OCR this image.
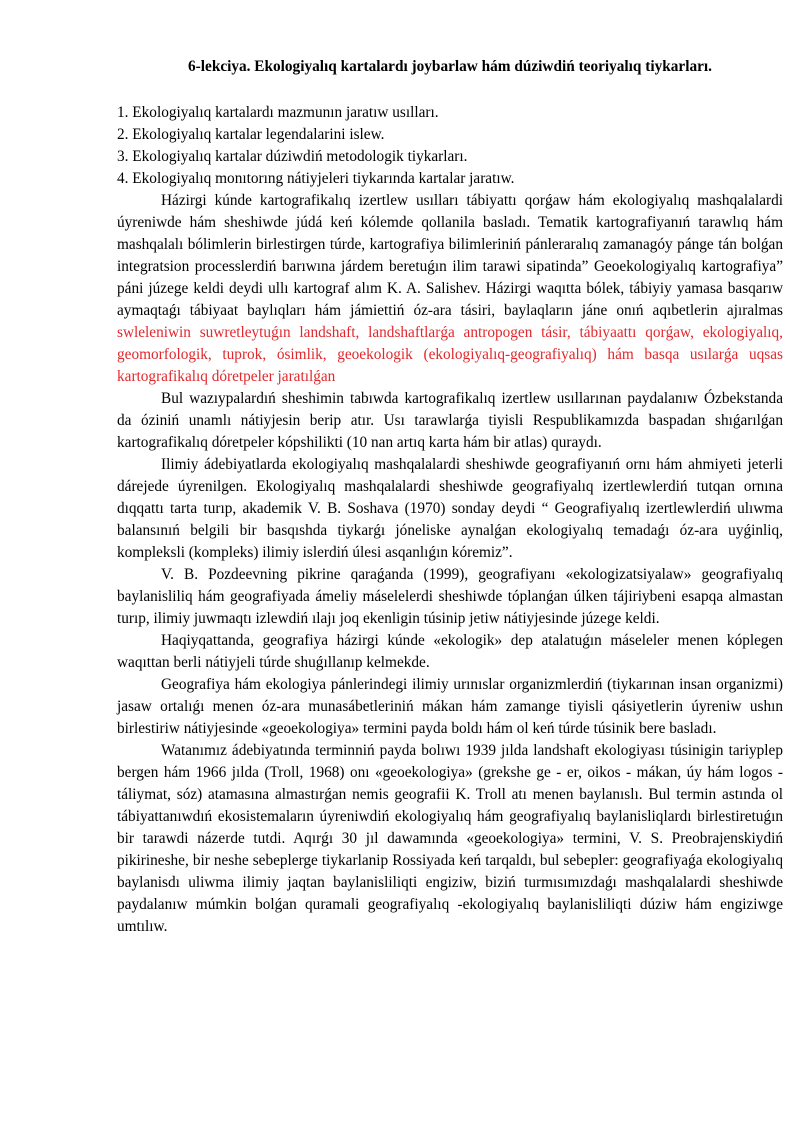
6-lekciya. Ekologiyalıq kartalardı joybarlaw hám dúziwdiń teoriyalıq tiykarları.
1. Ekologiyalıq kartalardı mazmunın jaratıw usılları.
2. Ekologiyalıq kartalar legendalarini islew.
3. Ekologiyalıq kartalar dúziwdiń metodologik tiykarları.
4. Ekologiyalıq monıtorıng nátiyjeleri tiykarında kartalar jaratıw.

Házirgi kúnde kartografikalıq izertlew usılları tábiyattı qorǵaw hám ekologiyalıq mashqalalardi úyreniwde hám sheshiwde júdá keń kólemde qollanila basladı. Tematik kartografiyanıń tarawlıq hám mashqalalı bólimlerin birlestirgen túrde, kartografiya bilimleriniń pánleraralıq zamanagóy pánge tán bolǵan integratsion processlerdiń barıwına járdem beretuǵın ilim tarawi sipatinda” Geoekologiyalıq kartografiya” páni júzege keldi deydi ullı kartograf alım K. A. Salishev. Házirgi waqıtta bólek, tábiyiy yamasa basqarıw aymaqtaǵı tábiyaat baylıqları hám jámiettiń óz-ara tásiri, baylaqların jáne onıń aqıbetlerin ajıralmas swleleniwin suwretleytuǵın landshaft, landshaftlarǵa antropogen tásir, tábiyaattı qorǵaw, ekologiyalıq, geomorfologik, tuprok, ósimlik, geoekologik (ekologiyalıq-geografiyalıq) hám basqa usılarǵa uqsas kartografikalıq dóretpeler jaratılǵan

Bul wazıypalardıń sheshimin tabıwda kartografikalıq izertlew usıllarınan paydalanıw Ózbekstanda da óziniń unamlı nátiyjesin berip atır. Usı tarawlarǵa tiyisli Respublikamızda baspadan shıǵarılǵan kartografikalıq dóretpeler kópshilikti (10 nan artıq karta hám bir atlas) quraydı.

Ilimiy ádebiyatlarda ekologiyalıq mashqalalardi sheshiwde geografiyanıń ornı hám ahmiyeti jeterli dárejede úyrenilgen. Ekologiyalıq mashqalalardi sheshiwde geografiyalıq izertlewlerdiń tutqan ornına dıqqattı tarta turıp, akademik V. B. Soshava (1970) sonday deydi “ Geografiyalıq izertlewlerdiń ulıwma balansınıń belgili bir basqıshda tiykarǵı jóneliske aynalǵan ekologiyalıq temadaǵı óz-ara uyǵinliq, kompleksli (kompleks) ilimiy islerdiń úlesi asqanlıǵın kóremiz”.

V. B. Pozdeevning pikrine qaraǵanda (1999), geografiyanı «ekologizatsiyalaw» geografiyalıq baylanisliliq hám geografiyada ámeliy máselelerdi sheshiwde tóplanǵan úlken tájiriybeni esapqa almastan turıp, ilimiy juwmaqtı izlewdiń ılajı joq ekenligin túsinip jetiw nátiyjesinde júzege keldi.

Haqiyqattanda, geografiya házirgi kúnde «ekologik» dep atalatuǵın máseleler menen kóplegen waqıttan berli nátiyjeli túrde shuǵıllanıp kelmekde.

Geografiya hám ekologiya pánlerindegi ilimiy urınıslar organizmlerdiń (tiykarınan insan organizmi) jasaw ortalıǵı menen óz-ara munasábetleriniń mákan hám zamange tiyisli qásiyetlerin úyreniw ushın birlestiriw nátiyjesinde «geoekologiya» termini payda boldı hám ol keń túrde túsinik bere basladı.

Watanımız ádebiyatında terminniń payda bolıwı 1939 jılda landshaft ekologiyası túsinigin tariyplep bergen hám 1966 jılda (Troll, 1968) onı «geoekologiya» (grekshe ge - er, oikos - mákan, úy hám logos - táliymat, sóz) atamasına almastırǵan nemis geografii K. Troll atı menen baylanıslı. Bul termin astında ol tábiyattanıwdıń ekosistemaların úyreniwdiń ekologiyalıq hám geografiyalıq baylanisliqlardı birlestiretuǵın bir tarawdi názerde tutdi. Aqırǵı 30 jıl dawamında «geoekologiya» termini, V. S. Preobrajenskiydiń pikirineshe, bir neshe sebeplerge tiykarlanip Rossiyada keń tarqaldı, bul sebepler: geografiyaǵa ekologiyalıq baylanisdı uliwma ilimiy jaqtan baylanisliliqti engiziw, biziń turmısımızdaǵı mashqalalardi sheshiwde paydalanıw múmkin bolǵan quramali geografiyalıq -ekologiyalıq baylanisliliqti dúziw hám engiziwge umtılıw.
